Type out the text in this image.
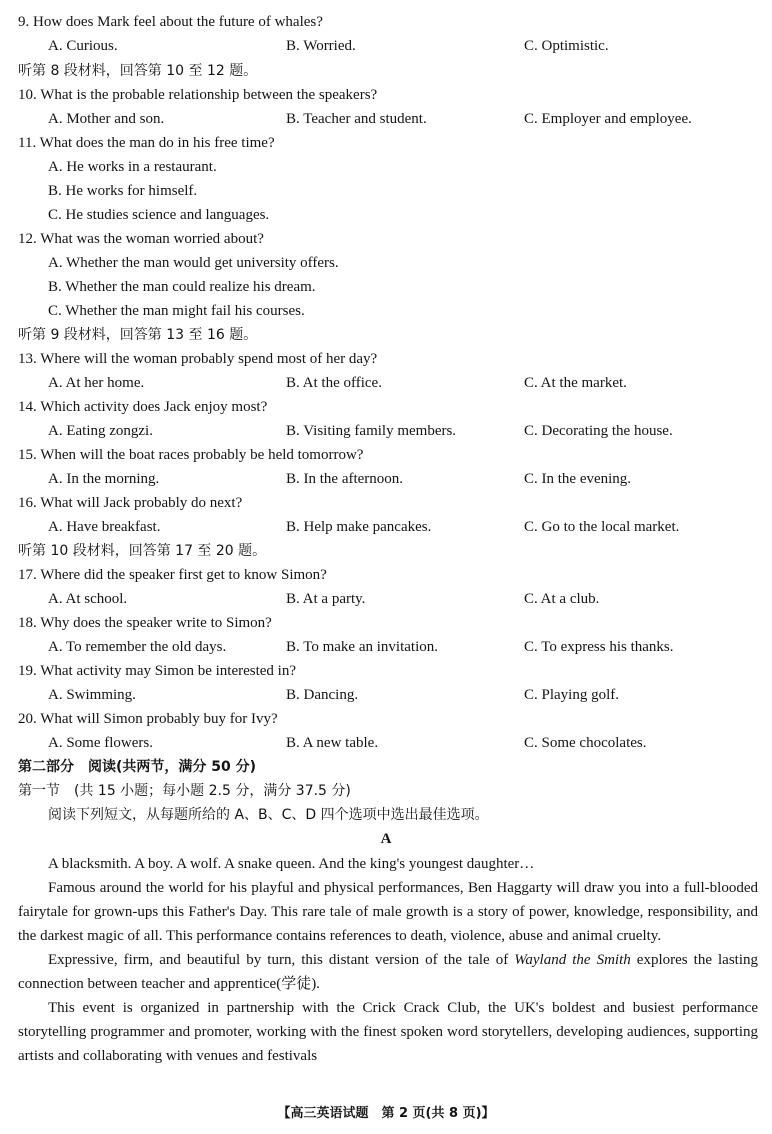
9. How does Mark feel about the future of whales?
A. Curious.	B. Worried.	C. Optimistic.
听第 8 段材料，回答第 10 至 12 题。
10. What is the probable relationship between the speakers?
A. Mother and son.	B. Teacher and student.	C. Employer and employee.
11. What does the man do in his free time?
A. He works in a restaurant.
B. He works for himself.
C. He studies science and languages.
12. What was the woman worried about?
A. Whether the man would get university offers.
B. Whether the man could realize his dream.
C. Whether the man might fail his courses.
听第 9 段材料，回答第 13 至 16 题。
13. Where will the woman probably spend most of her day?
A. At her home.	B. At the office.	C. At the market.
14. Which activity does Jack enjoy most?
A. Eating zongzi.	B. Visiting family members.	C. Decorating the house.
15. When will the boat races probably be held tomorrow?
A. In the morning.	B. In the afternoon.	C. In the evening.
16. What will Jack probably do next?
A. Have breakfast.	B. Help make pancakes.	C. Go to the local market.
听第 10 段材料，回答第 17 至 20 题。
17. Where did the speaker first get to know Simon?
A. At school.	B. At a party.	C. At a club.
18. Why does the speaker write to Simon?
A. To remember the old days.	B. To make an invitation.	C. To express his thanks.
19. What activity may Simon be interested in?
A. Swimming.	B. Dancing.	C. Playing golf.
20. What will Simon probably buy for Ivy?
A. Some flowers.	B. A new table.	C. Some chocolates.
第二部分　阅读(共两节，满分 50 分)
第一节　(共 15 小题；每小题 2.5 分，满分 37.5 分)
阅读下列短文，从每题所给的 A、B、C、D 四个选项中选出最佳选项。
A

A blacksmith. A boy. A wolf. A snake queen. And the king's youngest daughter…

Famous around the world for his playful and physical performances, Ben Haggarty will draw you into a full-blooded fairytale for grown-ups this Father's Day. This rare tale of male growth is a story of power, knowledge, responsibility, and the darkest magic of all. This performance contains references to death, violence, abuse and animal cruelty.

Expressive, firm, and beautiful by turn, this distant version of the tale of Wayland the Smith explores the lasting connection between teacher and apprentice(学徒).

This event is organized in partnership with the Crick Crack Club, the UK's boldest and busiest performance storytelling programmer and promoter, working with the finest spoken word storytellers, developing audiences, supporting artists and collaborating with venues and festivals

【高三英语试题　第 2 页(共 8 页)】
